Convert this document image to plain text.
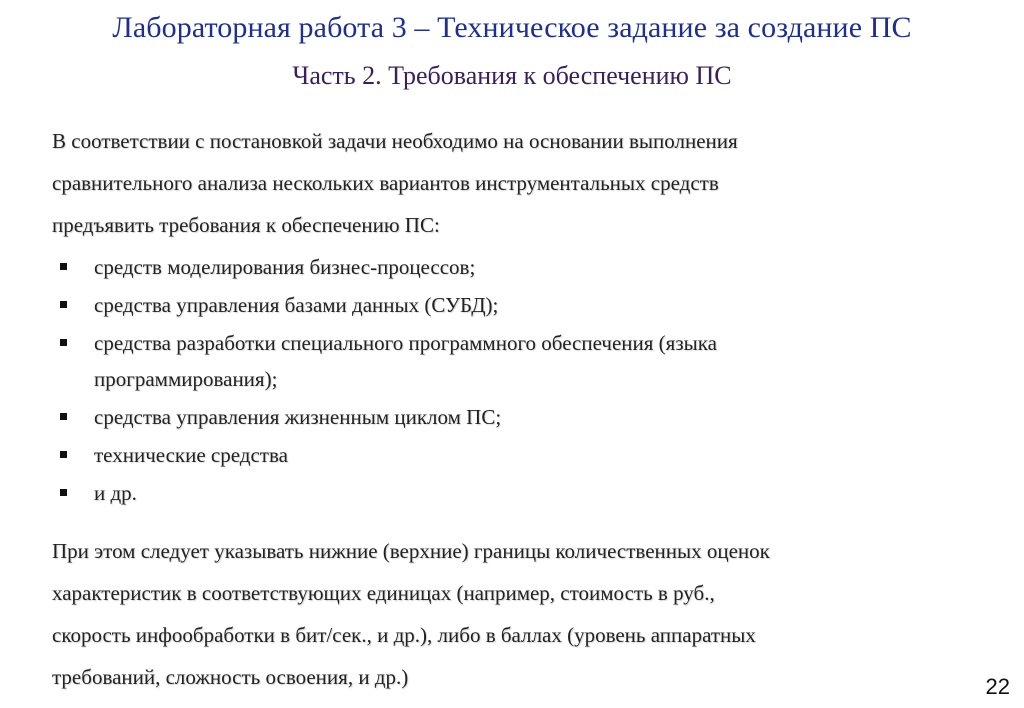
Лабораторная работа 3 – Техническое задание за создание ПС
Часть 2. Требования к обеспечению ПС
В соответствии с постановкой задачи необходимо на основании выполнения
сравнительного анализа нескольких вариантов инструментальных средств
предъявить требования к обеспечению ПС:
средств моделирования бизнес-процессов;
средства управления базами данных (СУБД);
средства разработки специального программного обеспечения (языка
программирования);
средства управления жизненным циклом ПС;
технические средства
и др.
При этом следует указывать нижние (верхние) границы количественных оценок
характеристик в соответствующих единицах (например, стоимость в руб.,
скорость инфообработки в бит/сек., и др.), либо в баллах (уровень аппаратных
требований, сложность освоения, и др.)	22
